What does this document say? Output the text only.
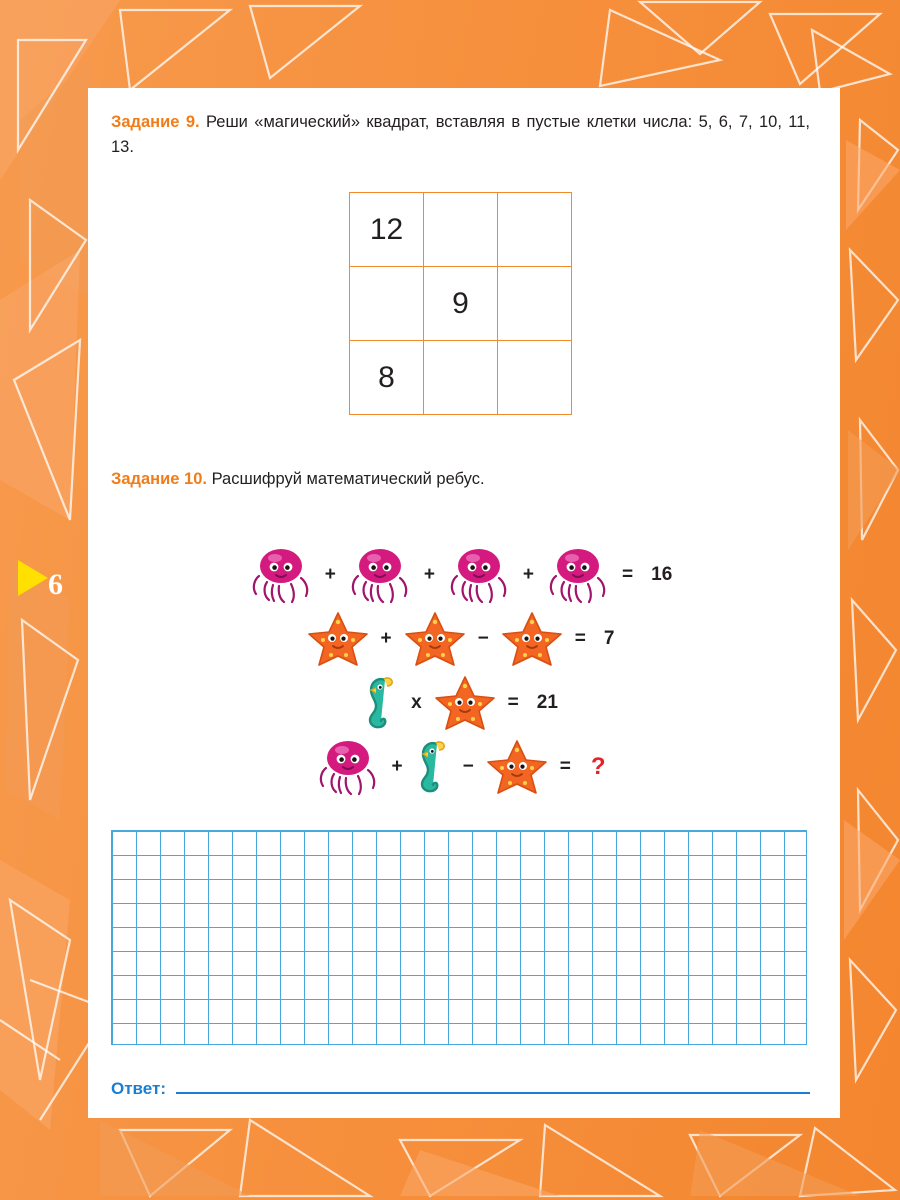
6
Задание 9. Реши «магический» квадрат, вставляя в пустые клетки числа: 5, 6, 7, 10, 11, 13.
12		
	9	
8		
Задание 10. Расшифруй математический ребус.
+	+	+	= 16
+	−	= 7
x	= 21
+	−	= ?
Ответ:
